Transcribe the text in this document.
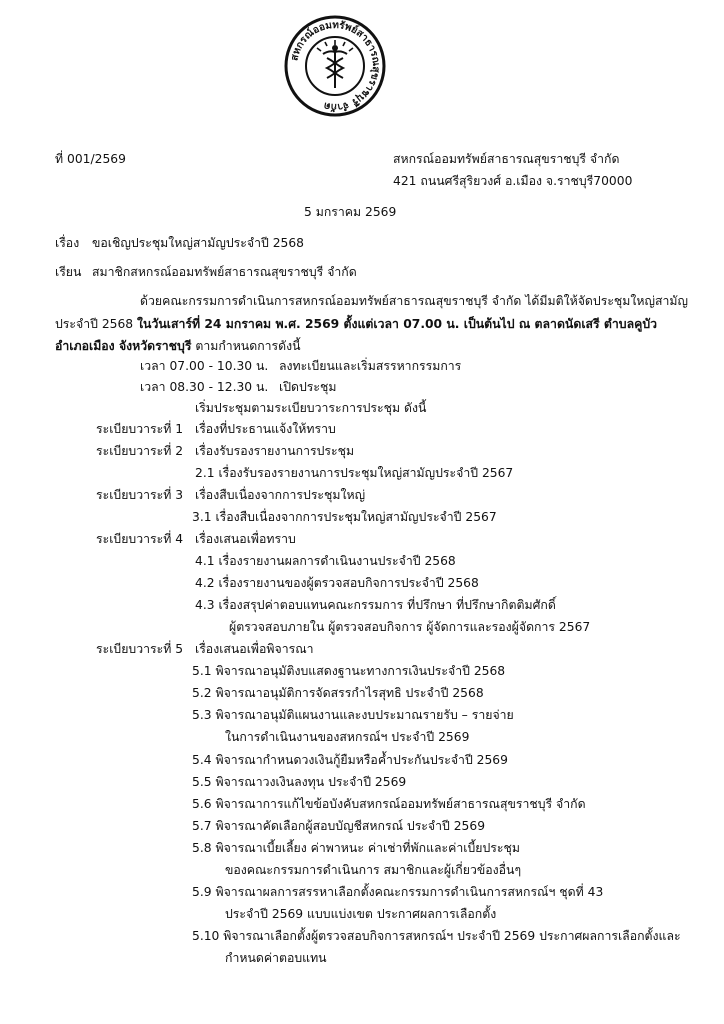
สหกรณ์ออมทรัพย์สาธารณสุขราชบุรี จำกัด
ที่ 001/2569	สหกรณ์ออมทรัพย์สาธารณสุขราชบุรี จำกัด
421 ถนนศรีสุริยวงศ์ อ.เมือง จ.ราชบุรี70000
5 มกราคม 2569
เรื่อง ขอเชิญประชุมใหญ่สามัญประจำปี 2568
เรียน สมาชิกสหกรณ์ออมทรัพย์สาธารณสุขราชบุรี จำกัด
ด้วยคณะกรรมการดำเนินการสหกรณ์ออมทรัพย์สาธารณสุขราชบุรี จำกัด ได้มีมติให้จัดประชุมใหญ่สามัญ
ประจำปี 2568 ในวันเสาร์ที่ 24 มกราคม พ.ศ. 2569 ตั้งแต่เวลา 07.00 น. เป็นต้นไป ณ ตลาดนัดเสรี ตำบลคูบัว
อำเภอเมือง จังหวัดราชบุรี ตามกำหนดการดังนี้
เวลา 07.00 - 10.30 น. ลงทะเบียนและเริ่มสรรหากรรมการ
เวลา 08.30 - 12.30 น. เปิดประชุม
เริ่มประชุมตามระเบียบวาระการประชุม ดังนี้
ระเบียบวาระที่ 1 เรื่องที่ประธานแจ้งให้ทราบ
ระเบียบวาระที่ 2 เรื่องรับรองรายงานการประชุม
2.1 เรื่องรับรองรายงานการประชุมใหญ่สามัญประจำปี 2567
ระเบียบวาระที่ 3 เรื่องสืบเนื่องจากการประชุมใหญ่
3.1 เรื่องสืบเนื่องจากการประชุมใหญ่สามัญประจำปี 2567
ระเบียบวาระที่ 4 เรื่องเสนอเพื่อทราบ
4.1 เรื่องรายงานผลการดำเนินงานประจำปี 2568
4.2 เรื่องรายงานของผู้ตรวจสอบกิจการประจำปี 2568
4.3 เรื่องสรุปค่าตอบแทนคณะกรรมการ ที่ปรึกษา ที่ปรึกษากิตติมศักดิ์
ผู้ตรวจสอบภายใน ผู้ตรวจสอบกิจการ ผู้จัดการและรองผู้จัดการ 2567
ระเบียบวาระที่ 5 เรื่องเสนอเพื่อพิจารณา
5.1 พิจารณาอนุมัติงบแสดงฐานะทางการเงินประจำปี 2568
5.2 พิจารณาอนุมัติการจัดสรรกำไรสุทธิ ประจำปี 2568
5.3 พิจารณาอนุมัติแผนงานและงบประมาณรายรับ – รายจ่าย
ในการดำเนินงานของสหกรณ์ฯ ประจำปี 2569
5.4 พิจารณากำหนดวงเงินกู้ยืมหรือค้ำประกันประจำปี 2569
5.5 พิจารณาวงเงินลงทุน ประจำปี 2569
5.6 พิจารณาการแก้ไขข้อบังคับสหกรณ์ออมทรัพย์สาธารณสุขราชบุรี จำกัด
5.7 พิจารณาคัดเลือกผู้สอบบัญชีสหกรณ์ ประจำปี 2569
5.8 พิจารณาเบี้ยเลี้ยง ค่าพาหนะ ค่าเช่าที่พักและค่าเบี้ยประชุม
ของคณะกรรมการดำเนินการ สมาชิกและผู้เกี่ยวข้องอื่นๆ
5.9 พิจารณาผลการสรรหาเลือกตั้งคณะกรรมการดำเนินการสหกรณ์ฯ ชุดที่ 43
ประจำปี 2569 แบบแบ่งเขต ประกาศผลการเลือกตั้ง
5.10 พิจารณาเลือกตั้งผู้ตรวจสอบกิจการสหกรณ์ฯ ประจำปี 2569 ประกาศผลการเลือกตั้งและ
กำหนดค่าตอบแทน
